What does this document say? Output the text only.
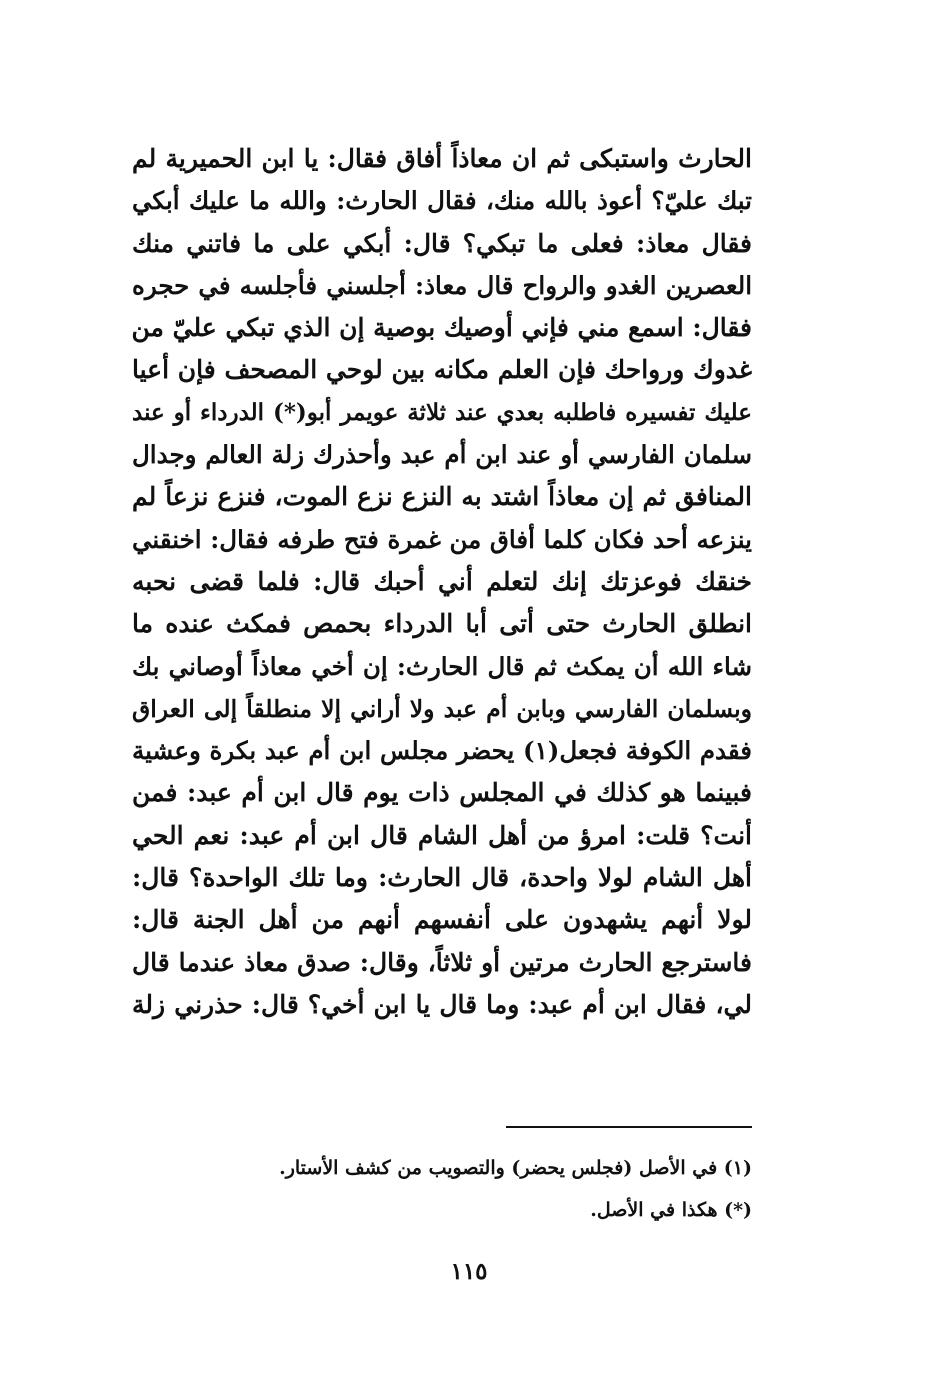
الحارث واستبكى ثم ان معاذاً أفاق فقال: يا ابن الحميرية لم
تبك عليّ؟ أعوذ بالله منك، فقال الحارث: والله ما عليك أبكي
فقال معاذ: فعلى ما تبكي؟ قال: أبكي على ما فاتني منك
العصرين الغدو والرواح قال معاذ: أجلسني فأجلسه في حجره
فقال: اسمع مني فإني أوصيك بوصية إن الذي تبكي عليّ من
غدوك ورواحك فإن العلم مكانه بين لوحي المصحف فإن أعيا
عليك تفسيره فاطلبه بعدي عند ثلاثة عويمر أبو(*) الدرداء أو عند
سلمان الفارسي أو عند ابن أم عبد وأحذرك زلة العالم وجدال
المنافق ثم إن معاذاً اشتد به النزع نزع الموت، فنزع نزعاً لم
ينزعه أحد فكان كلما أفاق من غمرة فتح طرفه فقال: اخنقني
خنقك فوعزتك إنك لتعلم أني أحبك قال: فلما قضى نحبه
انطلق الحارث حتى أتى أبا الدرداء بحمص فمكث عنده ما
شاء الله أن يمكث ثم قال الحارث: إن أخي معاذاً أوصاني بك
وبسلمان الفارسي وبابن أم عبد ولا أراني إلا منطلقاً إلى العراق
فقدم الكوفة فجعل(١) يحضر مجلس ابن أم عبد بكرة وعشية
فبينما هو كذلك في المجلس ذات يوم قال ابن أم عبد: فمن
أنت؟ قلت: امرؤ من أهل الشام قال ابن أم عبد: نعم الحي
أهل الشام لولا واحدة، قال الحارث: وما تلك الواحدة؟ قال:
لولا أنهم يشهدون على أنفسهم أنهم من أهل الجنة قال:
فاسترجع الحارث مرتين أو ثلاثاً، وقال: صدق معاذ عندما قال
لي، فقال ابن أم عبد: وما قال يا ابن أخي؟ قال: حذرني زلة
(١) في الأصل (فجلس يحضر) والتصويب من كشف الأستار.
(*) هكذا في الأصل.
١١٥
